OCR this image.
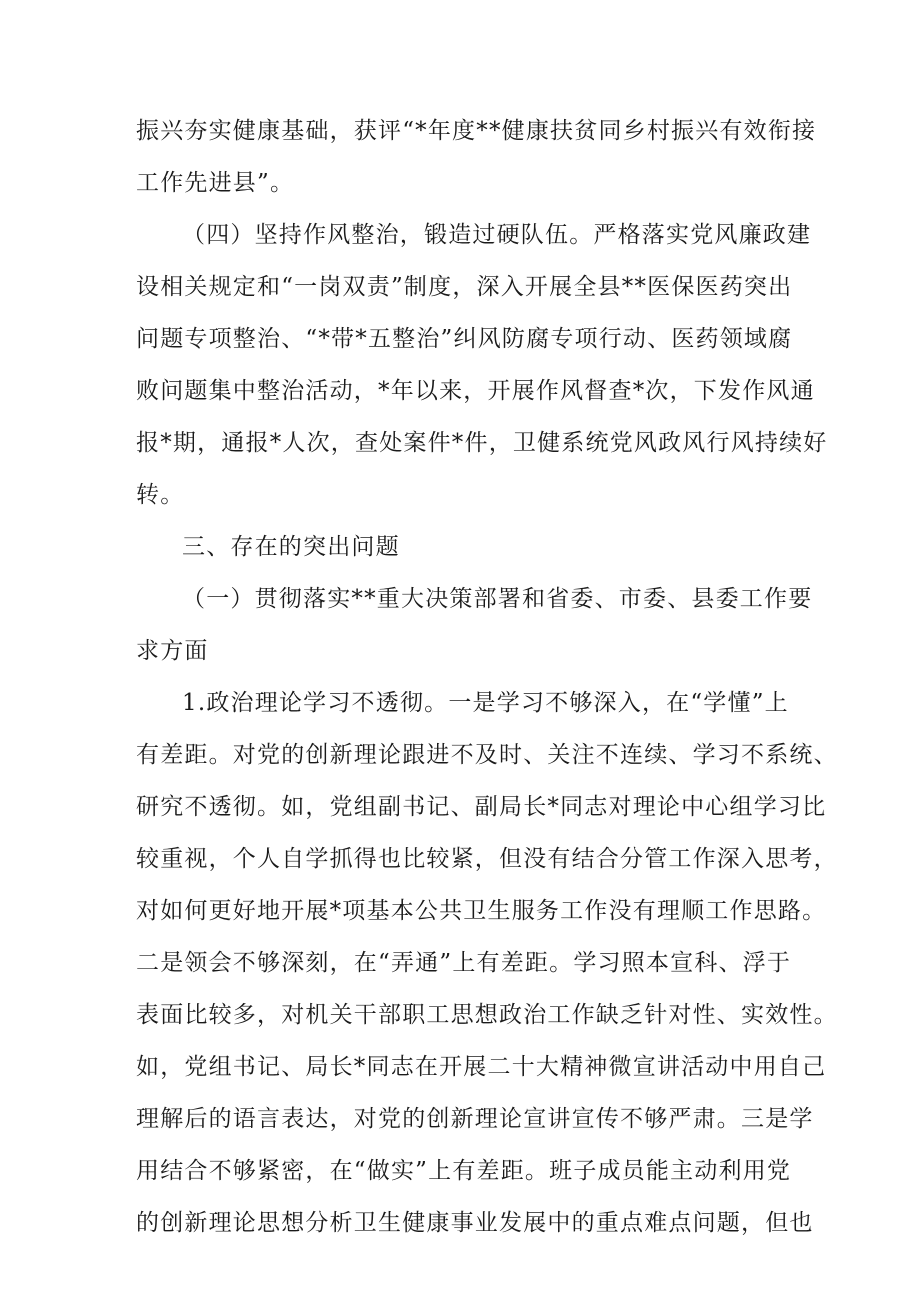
振兴夯实健康基础，获评“*年度**健康扶贫同乡村振兴有效衔接
工作先进县”。
（四）坚持作风整治，锻造过硬队伍。严格落实党风廉政建
设相关规定和“一岗双责”制度，深入开展全县**医保医药突出
问题专项整治、“*带*五整治”纠风防腐专项行动、医药领域腐
败问题集中整治活动，*年以来，开展作风督查*次，下发作风通
报*期，通报*人次，查处案件*件，卫健系统党风政风行风持续好
转。
三、存在的突出问题
（一）贯彻落实**重大决策部署和省委、市委、县委工作要
求方面
1.政治理论学习不透彻。一是学习不够深入，在“学懂”上
有差距。对党的创新理论跟进不及时、关注不连续、学习不系统、
研究不透彻。如，党组副书记、副局长*同志对理论中心组学习比
较重视，个人自学抓得也比较紧，但没有结合分管工作深入思考，
对如何更好地开展*项基本公共卫生服务工作没有理顺工作思路。
二是领会不够深刻，在“弄通”上有差距。学习照本宣科、浮于
表面比较多，对机关干部职工思想政治工作缺乏针对性、实效性。
如，党组书记、局长*同志在开展二十大精神微宣讲活动中用自己
理解后的语言表达，对党的创新理论宣讲宣传不够严肃。三是学
用结合不够紧密，在“做实”上有差距。班子成员能主动利用党
的创新理论思想分析卫生健康事业发展中的重点难点问题，但也
